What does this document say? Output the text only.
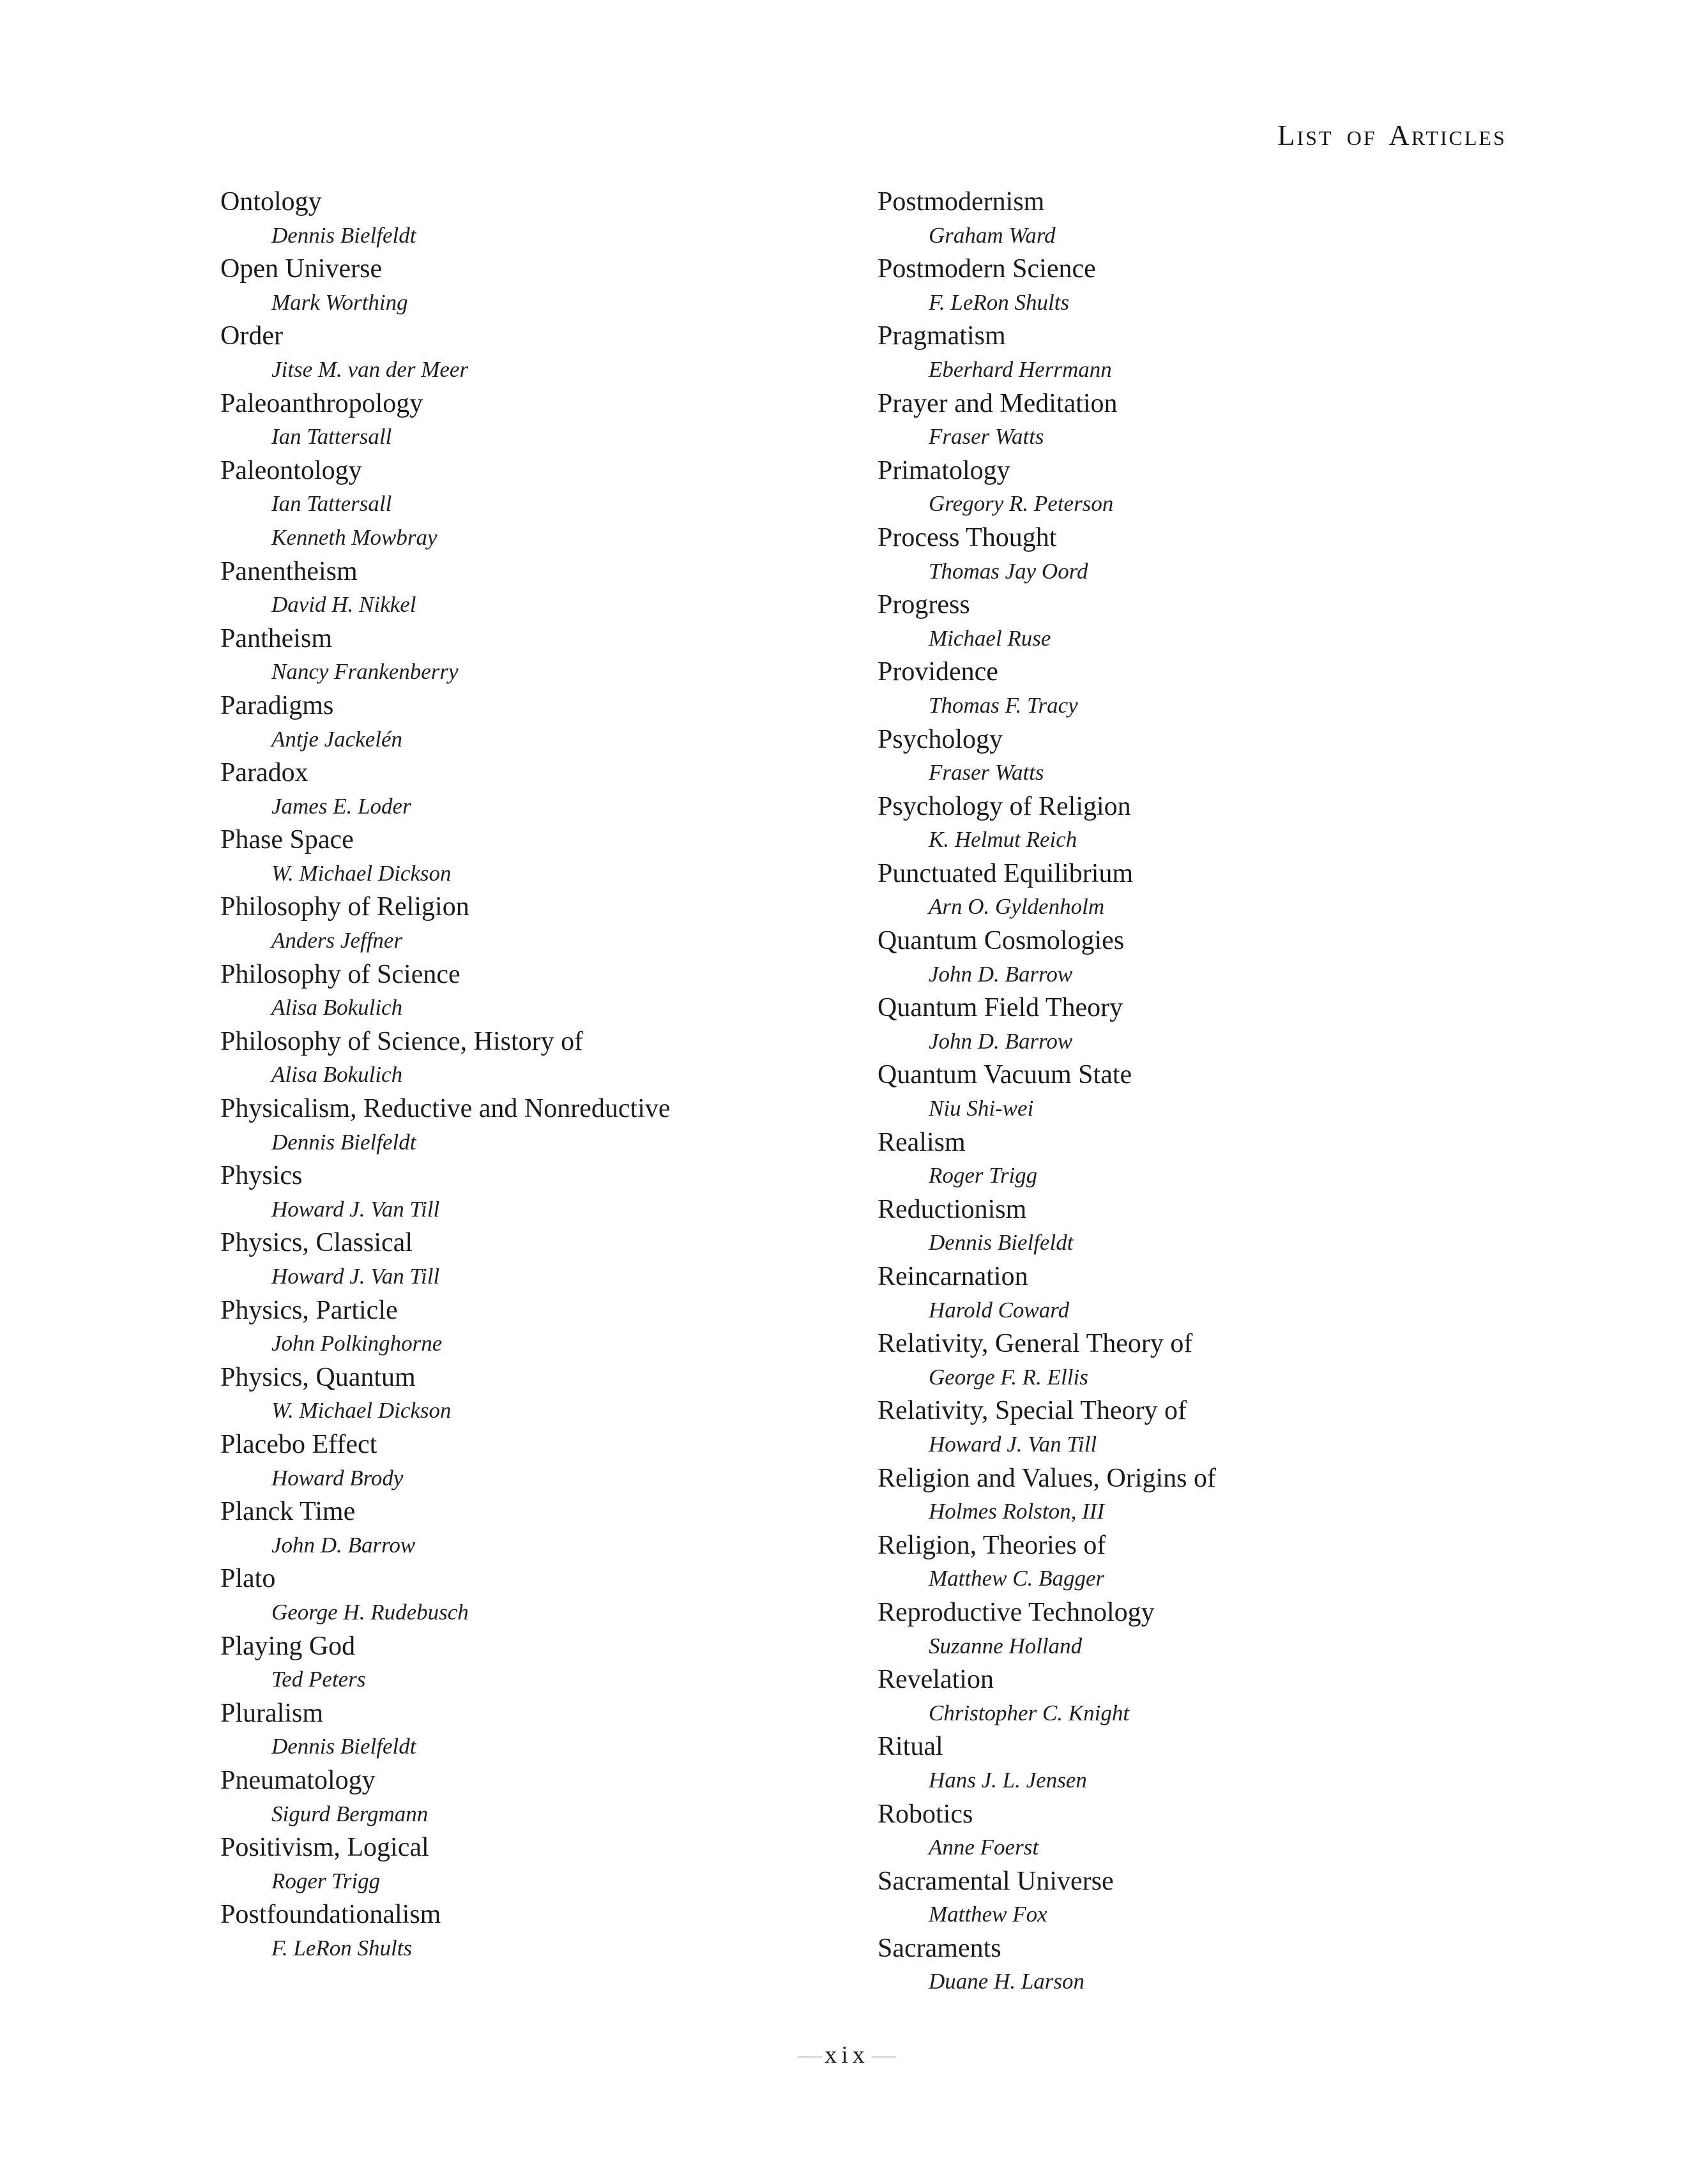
List of Articles
Ontology
Dennis Bielfeldt
Open Universe
Mark Worthing
Order
Jitse M. van der Meer
Paleoanthropology
Ian Tattersall
Paleontology
Ian Tattersall
Kenneth Mowbray
Panentheism
David H. Nikkel
Pantheism
Nancy Frankenberry
Paradigms
Antje Jackelén
Paradox
James E. Loder
Phase Space
W. Michael Dickson
Philosophy of Religion
Anders Jeffner
Philosophy of Science
Alisa Bokulich
Philosophy of Science, History of
Alisa Bokulich
Physicalism, Reductive and Nonreductive
Dennis Bielfeldt
Physics
Howard J. Van Till
Physics, Classical
Howard J. Van Till
Physics, Particle
John Polkinghorne
Physics, Quantum
W. Michael Dickson
Placebo Effect
Howard Brody
Planck Time
John D. Barrow
Plato
George H. Rudebusch
Playing God
Ted Peters
Pluralism
Dennis Bielfeldt
Pneumatology
Sigurd Bergmann
Positivism, Logical
Roger Trigg
Postfoundationalism
F. LeRon Shults
Postmodernism
Graham Ward
Postmodern Science
F. LeRon Shults
Pragmatism
Eberhard Herrmann
Prayer and Meditation
Fraser Watts
Primatology
Gregory R. Peterson
Process Thought
Thomas Jay Oord
Progress
Michael Ruse
Providence
Thomas F. Tracy
Psychology
Fraser Watts
Psychology of Religion
K. Helmut Reich
Punctuated Equilibrium
Arn O. Gyldenholm
Quantum Cosmologies
John D. Barrow
Quantum Field Theory
John D. Barrow
Quantum Vacuum State
Niu Shi-wei
Realism
Roger Trigg
Reductionism
Dennis Bielfeldt
Reincarnation
Harold Coward
Relativity, General Theory of
George F. R. Ellis
Relativity, Special Theory of
Howard J. Van Till
Religion and Values, Origins of
Holmes Rolston, III
Religion, Theories of
Matthew C. Bagger
Reproductive Technology
Suzanne Holland
Revelation
Christopher C. Knight
Ritual
Hans J. L. Jensen
Robotics
Anne Foerst
Sacramental Universe
Matthew Fox
Sacraments
Duane H. Larson
— xix —
